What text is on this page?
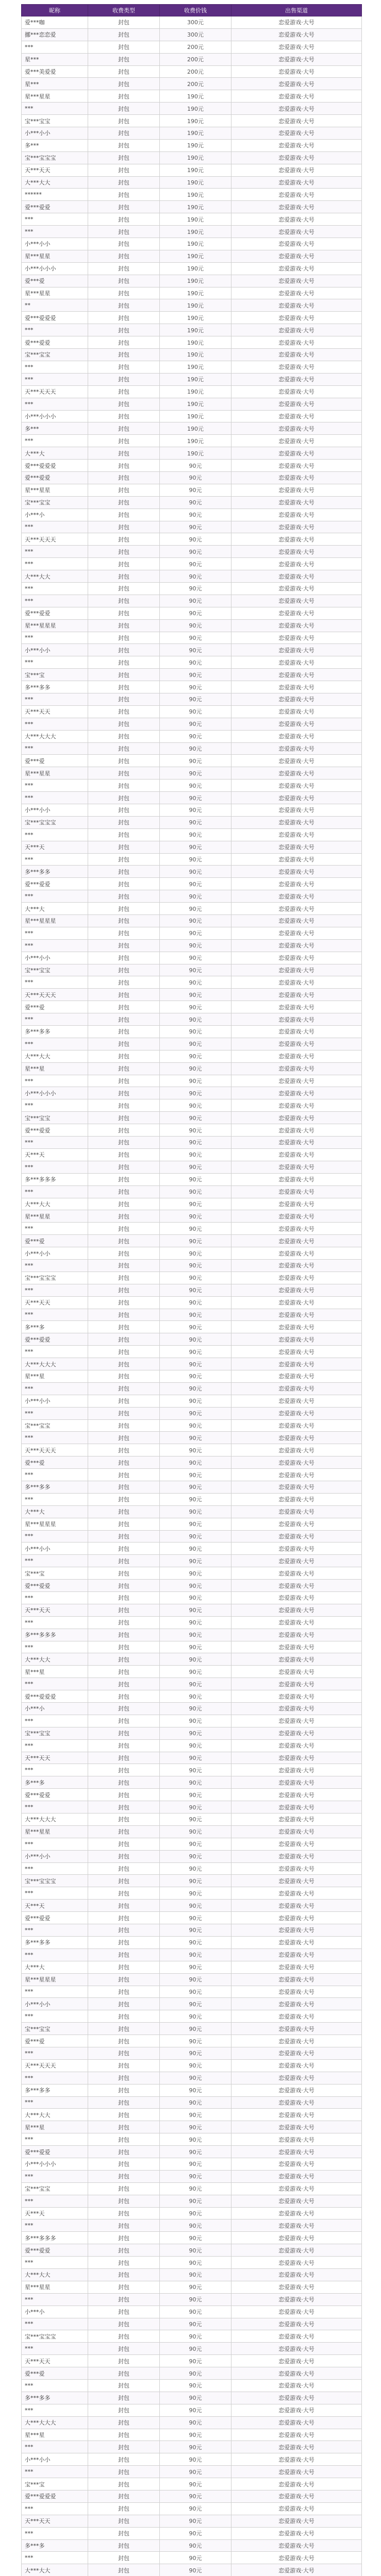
昵称	收费类型	收费价钱	出售渠道
爱***咖	封包	300元	恋爱游戏·大号
挪***恋恋爱	封包	300元	恋爱游戏·大号
***	封包	200元	恋爱游戏·大号
星***	封包	200元	恋爱游戏·大号
爱***美爱爱	封包	200元	恋爱游戏·大号
星***	封包	200元	恋爱游戏·大号
星***星星	封包	190元	恋爱游戏·大号
***	封包	190元	恋爱游戏·大号
宝***宝宝	封包	190元	恋爱游戏·大号
小***小小	封包	190元	恋爱游戏·大号
多***	封包	190元	恋爱游戏·大号
宝***宝宝宝	封包	190元	恋爱游戏·大号
天***天天	封包	190元	恋爱游戏·大号
大***大大	封包	190元	恋爱游戏·大号
******	封包	190元	恋爱游戏·大号
爱***爱爱	封包	190元	恋爱游戏·大号
***	封包	190元	恋爱游戏·大号
***	封包	190元	恋爱游戏·大号
小***小小	封包	190元	恋爱游戏·大号
星***星星	封包	190元	恋爱游戏·大号
小***小小小	封包	190元	恋爱游戏·大号
爱***爱	封包	190元	恋爱游戏·大号
星***星星	封包	190元	恋爱游戏·大号
**	封包	190元	恋爱游戏·大号
爱***爱爱爱	封包	190元	恋爱游戏·大号
***	封包	190元	恋爱游戏·大号
爱***爱爱	封包	190元	恋爱游戏·大号
宝***宝宝	封包	190元	恋爱游戏·大号
***	封包	190元	恋爱游戏·大号
***	封包	190元	恋爱游戏·大号
天***天天天	封包	190元	恋爱游戏·大号
***	封包	190元	恋爱游戏·大号
小***小小小	封包	190元	恋爱游戏·大号
多***	封包	190元	恋爱游戏·大号
***	封包	190元	恋爱游戏·大号
大***大	封包	190元	恋爱游戏·大号
爱***爱爱爱	封包	90元	恋爱游戏·大号
爱***爱爱	封包	90元	恋爱游戏·大号
星***星星	封包	90元	恋爱游戏·大号
宝***宝宝	封包	90元	恋爱游戏·大号
小***小	封包	90元	恋爱游戏·大号
***	封包	90元	恋爱游戏·大号
天***天天天	封包	90元	恋爱游戏·大号
***	封包	90元	恋爱游戏·大号
***	封包	90元	恋爱游戏·大号
大***大大	封包	90元	恋爱游戏·大号
***	封包	90元	恋爱游戏·大号
***	封包	90元	恋爱游戏·大号
爱***爱爱	封包	90元	恋爱游戏·大号
星***星星星	封包	90元	恋爱游戏·大号
***	封包	90元	恋爱游戏·大号
小***小小	封包	90元	恋爱游戏·大号
***	封包	90元	恋爱游戏·大号
宝***宝	封包	90元	恋爱游戏·大号
多***多多	封包	90元	恋爱游戏·大号
***	封包	90元	恋爱游戏·大号
天***天天	封包	90元	恋爱游戏·大号
***	封包	90元	恋爱游戏·大号
大***大大大	封包	90元	恋爱游戏·大号
***	封包	90元	恋爱游戏·大号
爱***爱	封包	90元	恋爱游戏·大号
星***星星	封包	90元	恋爱游戏·大号
***	封包	90元	恋爱游戏·大号
***	封包	90元	恋爱游戏·大号
小***小小	封包	90元	恋爱游戏·大号
宝***宝宝宝	封包	90元	恋爱游戏·大号
***	封包	90元	恋爱游戏·大号
天***天	封包	90元	恋爱游戏·大号
***	封包	90元	恋爱游戏·大号
多***多多	封包	90元	恋爱游戏·大号
爱***爱爱	封包	90元	恋爱游戏·大号
***	封包	90元	恋爱游戏·大号
大***大	封包	90元	恋爱游戏·大号
星***星星星	封包	90元	恋爱游戏·大号
***	封包	90元	恋爱游戏·大号
***	封包	90元	恋爱游戏·大号
小***小小	封包	90元	恋爱游戏·大号
宝***宝宝	封包	90元	恋爱游戏·大号
***	封包	90元	恋爱游戏·大号
天***天天天	封包	90元	恋爱游戏·大号
爱***爱	封包	90元	恋爱游戏·大号
***	封包	90元	恋爱游戏·大号
多***多多	封包	90元	恋爱游戏·大号
***	封包	90元	恋爱游戏·大号
大***大大	封包	90元	恋爱游戏·大号
星***星	封包	90元	恋爱游戏·大号
***	封包	90元	恋爱游戏·大号
小***小小小	封包	90元	恋爱游戏·大号
***	封包	90元	恋爱游戏·大号
宝***宝宝	封包	90元	恋爱游戏·大号
爱***爱爱	封包	90元	恋爱游戏·大号
***	封包	90元	恋爱游戏·大号
天***天	封包	90元	恋爱游戏·大号
***	封包	90元	恋爱游戏·大号
多***多多多	封包	90元	恋爱游戏·大号
***	封包	90元	恋爱游戏·大号
大***大大	封包	90元	恋爱游戏·大号
星***星星	封包	90元	恋爱游戏·大号
***	封包	90元	恋爱游戏·大号
爱***爱	封包	90元	恋爱游戏·大号
小***小小	封包	90元	恋爱游戏·大号
***	封包	90元	恋爱游戏·大号
宝***宝宝宝	封包	90元	恋爱游戏·大号
***	封包	90元	恋爱游戏·大号
天***天天	封包	90元	恋爱游戏·大号
***	封包	90元	恋爱游戏·大号
多***多	封包	90元	恋爱游戏·大号
爱***爱爱	封包	90元	恋爱游戏·大号
***	封包	90元	恋爱游戏·大号
大***大大大	封包	90元	恋爱游戏·大号
星***星	封包	90元	恋爱游戏·大号
***	封包	90元	恋爱游戏·大号
小***小小	封包	90元	恋爱游戏·大号
***	封包	90元	恋爱游戏·大号
宝***宝宝	封包	90元	恋爱游戏·大号
***	封包	90元	恋爱游戏·大号
天***天天天	封包	90元	恋爱游戏·大号
爱***爱	封包	90元	恋爱游戏·大号
***	封包	90元	恋爱游戏·大号
多***多多	封包	90元	恋爱游戏·大号
***	封包	90元	恋爱游戏·大号
大***大	封包	90元	恋爱游戏·大号
星***星星星	封包	90元	恋爱游戏·大号
***	封包	90元	恋爱游戏·大号
小***小小	封包	90元	恋爱游戏·大号
***	封包	90元	恋爱游戏·大号
宝***宝	封包	90元	恋爱游戏·大号
爱***爱爱	封包	90元	恋爱游戏·大号
***	封包	90元	恋爱游戏·大号
天***天天	封包	90元	恋爱游戏·大号
***	封包	90元	恋爱游戏·大号
多***多多多	封包	90元	恋爱游戏·大号
***	封包	90元	恋爱游戏·大号
大***大大	封包	90元	恋爱游戏·大号
星***星	封包	90元	恋爱游戏·大号
***	封包	90元	恋爱游戏·大号
爱***爱爱爱	封包	90元	恋爱游戏·大号
小***小	封包	90元	恋爱游戏·大号
***	封包	90元	恋爱游戏·大号
宝***宝宝	封包	90元	恋爱游戏·大号
***	封包	90元	恋爱游戏·大号
天***天天	封包	90元	恋爱游戏·大号
***	封包	90元	恋爱游戏·大号
多***多	封包	90元	恋爱游戏·大号
爱***爱爱	封包	90元	恋爱游戏·大号
***	封包	90元	恋爱游戏·大号
大***大大大	封包	90元	恋爱游戏·大号
星***星星	封包	90元	恋爱游戏·大号
***	封包	90元	恋爱游戏·大号
小***小小	封包	90元	恋爱游戏·大号
***	封包	90元	恋爱游戏·大号
宝***宝宝宝	封包	90元	恋爱游戏·大号
***	封包	90元	恋爱游戏·大号
天***天	封包	90元	恋爱游戏·大号
爱***爱爱	封包	90元	恋爱游戏·大号
***	封包	90元	恋爱游戏·大号
多***多多	封包	90元	恋爱游戏·大号
***	封包	90元	恋爱游戏·大号
大***大	封包	90元	恋爱游戏·大号
星***星星星	封包	90元	恋爱游戏·大号
***	封包	90元	恋爱游戏·大号
小***小小	封包	90元	恋爱游戏·大号
***	封包	90元	恋爱游戏·大号
宝***宝宝	封包	90元	恋爱游戏·大号
爱***爱	封包	90元	恋爱游戏·大号
***	封包	90元	恋爱游戏·大号
天***天天天	封包	90元	恋爱游戏·大号
***	封包	90元	恋爱游戏·大号
多***多多	封包	90元	恋爱游戏·大号
***	封包	90元	恋爱游戏·大号
大***大大	封包	90元	恋爱游戏·大号
星***星	封包	90元	恋爱游戏·大号
***	封包	90元	恋爱游戏·大号
爱***爱爱	封包	90元	恋爱游戏·大号
小***小小小	封包	90元	恋爱游戏·大号
***	封包	90元	恋爱游戏·大号
宝***宝宝	封包	90元	恋爱游戏·大号
***	封包	90元	恋爱游戏·大号
天***天	封包	90元	恋爱游戏·大号
***	封包	90元	恋爱游戏·大号
多***多多多	封包	90元	恋爱游戏·大号
爱***爱爱	封包	90元	恋爱游戏·大号
***	封包	90元	恋爱游戏·大号
大***大大	封包	90元	恋爱游戏·大号
星***星星	封包	90元	恋爱游戏·大号
***	封包	90元	恋爱游戏·大号
小***小	封包	90元	恋爱游戏·大号
***	封包	90元	恋爱游戏·大号
宝***宝宝宝	封包	90元	恋爱游戏·大号
***	封包	90元	恋爱游戏·大号
天***天天	封包	90元	恋爱游戏·大号
爱***爱	封包	90元	恋爱游戏·大号
***	封包	90元	恋爱游戏·大号
多***多多	封包	90元	恋爱游戏·大号
***	封包	90元	恋爱游戏·大号
大***大大大	封包	90元	恋爱游戏·大号
星***星	封包	90元	恋爱游戏·大号
***	封包	90元	恋爱游戏·大号
小***小小	封包	90元	恋爱游戏·大号
***	封包	90元	恋爱游戏·大号
宝***宝	封包	90元	恋爱游戏·大号
爱***爱爱爱	封包	90元	恋爱游戏·大号
***	封包	90元	恋爱游戏·大号
天***天天	封包	90元	恋爱游戏·大号
***	封包	90元	恋爱游戏·大号
多***多	封包	90元	恋爱游戏·大号
***	封包	90元	恋爱游戏·大号
大***大大	封包	90元	恋爱游戏·大号
